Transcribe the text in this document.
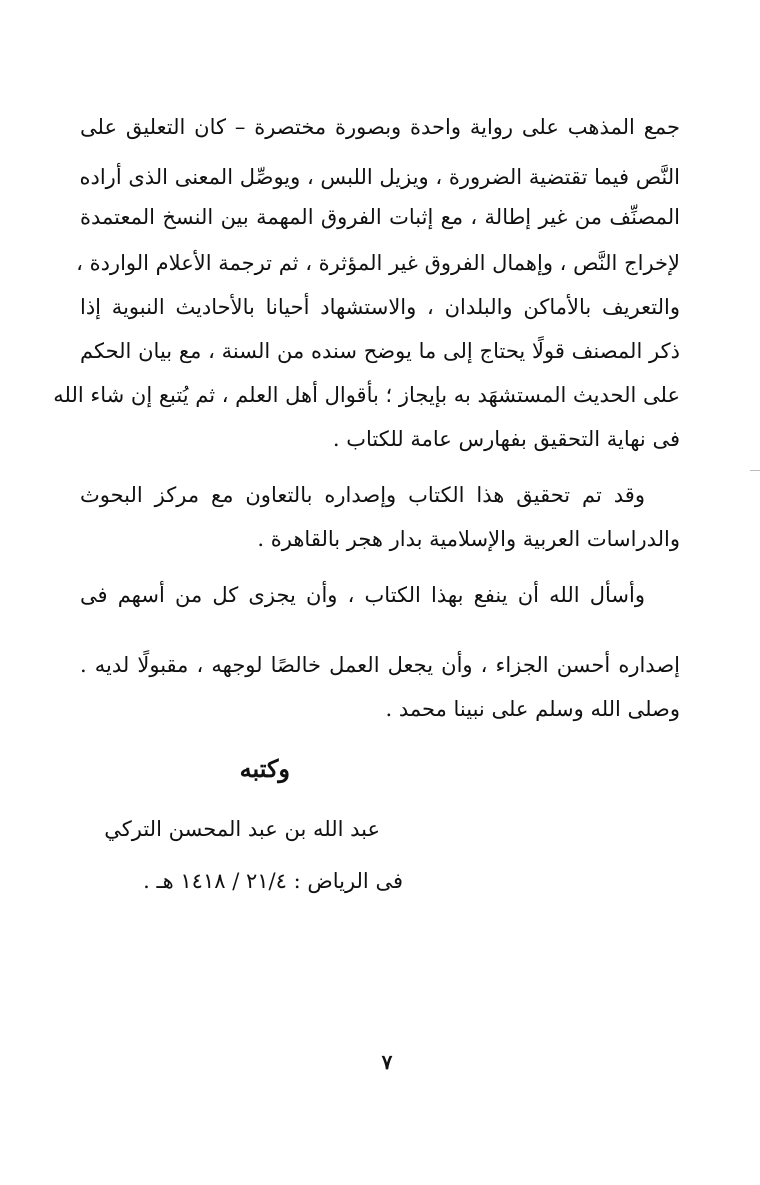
جمع المذهب على رواية واحدة وبصورة مختصرة – كان التعليق على
النَّص فيما تقتضية الضرورة ، ويزيل اللبس ، ويوصِّل المعنى الذى أراده
المصنِّف من غير إطالة ، مع إثبات الفروق المهمة بين النسخ المعتمدة
لإخراج النَّص ، وإهمال الفروق غير المؤثرة ، ثم ترجمة الأعلام الواردة ،
والتعريف بالأماكن والبلدان ، والاستشهاد أحيانا بالأحاديث النبوية إذا
ذكر المصنف قولًا يحتاج إلى ما يوضح سنده من السنة ، مع بيان الحكم
على الحديث المستشهَد به بإيجاز ؛ بأقوال أهل العلم ، ثم يُتبع إن شاء الله
فى نهاية التحقيق بفهارس عامة للكتاب .
وقد تم تحقيق هذا الكتاب وإصداره بالتعاون مع مركز البحوث
والدراسات العربية والإسلامية بدار هجر بالقاهرة .
وأسأل الله أن ينفع بهذا الكتاب ، وأن يجزى كل من أسهم فى
إصداره أحسن الجزاء ، وأن يجعل العمل خالصًا لوجهه ، مقبولًا لديه .
وصلى الله وسلم على نبينا محمد .
وكتبه
عبد الله بن عبد المحسن التركي
فى الرياض : ٢١/٤ / ١٤١٨ هـ .
٧
